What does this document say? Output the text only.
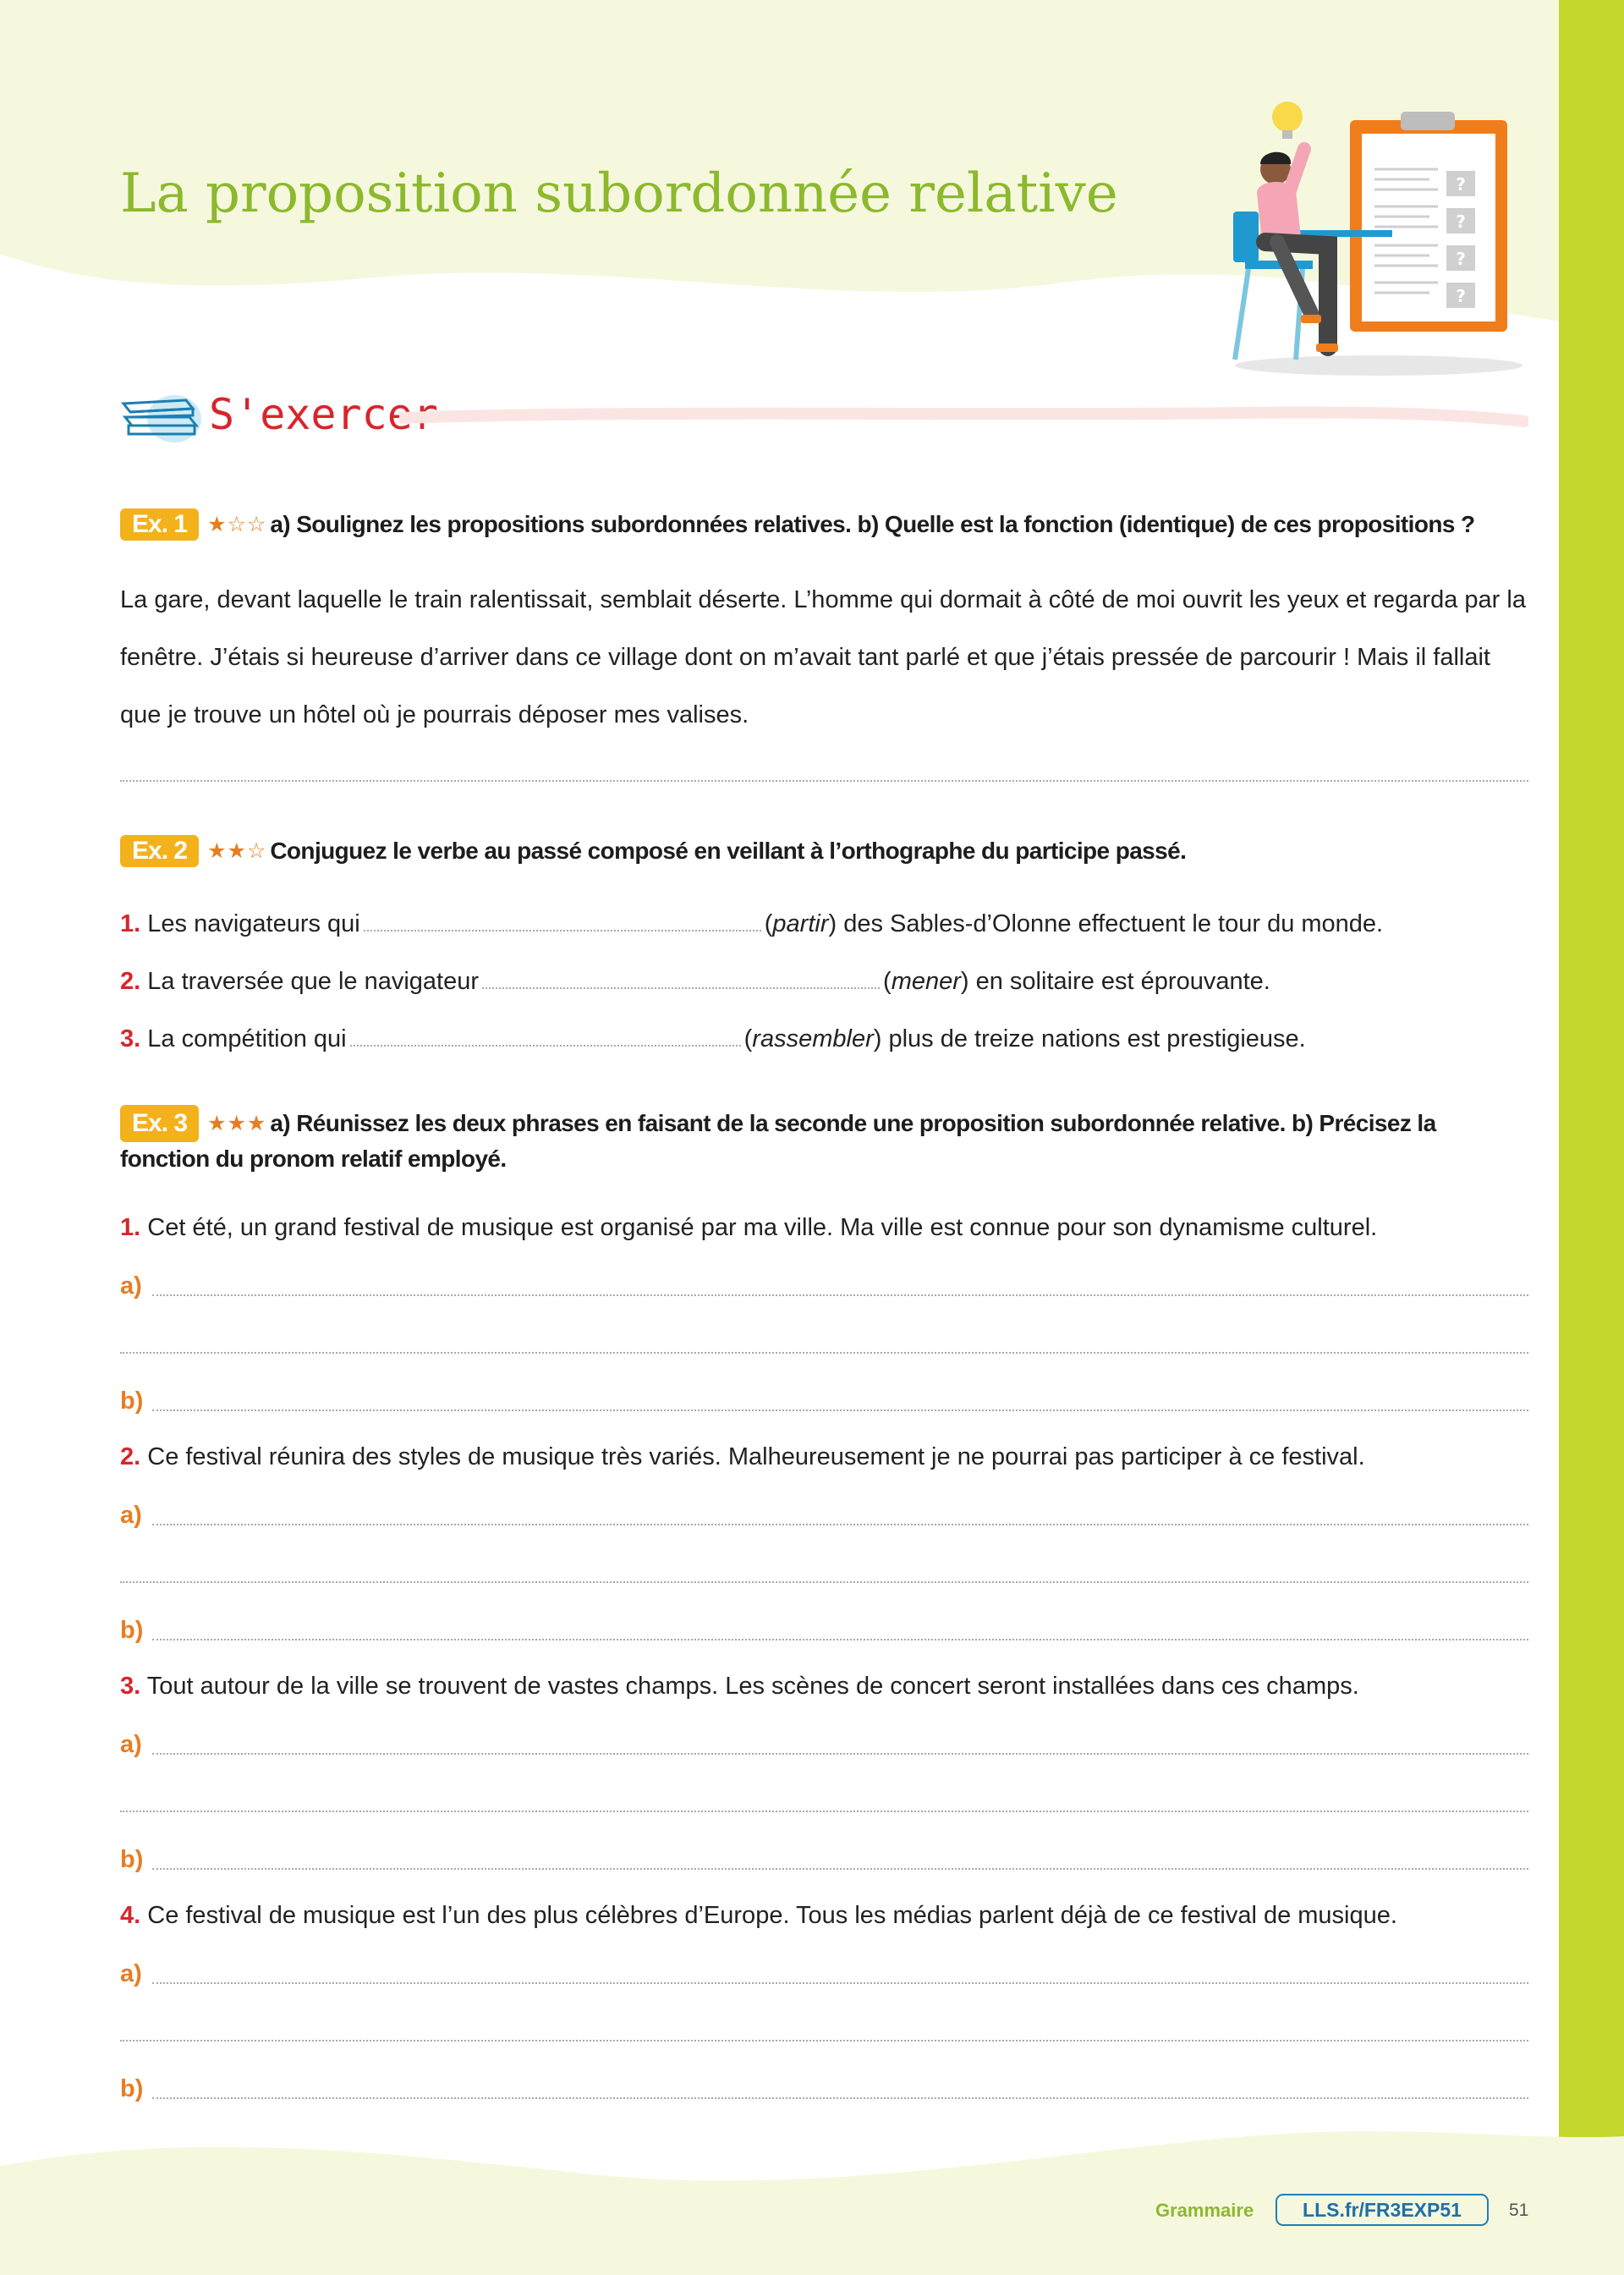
La proposition subordonnée relative	?
?
?
?
S'exercer
Ex. 1 ★☆☆ a) Soulignez les propositions subordonnées relatives. b) Quelle est la fonction (identique) de ces propositions ?
La gare, devant laquelle le train ralentissait, semblait déserte. L’homme qui dormait à côté de moi ouvrit les yeux et regarda par la fenêtre. J’étais si heureuse d’arriver dans ce village dont on m’avait tant parlé et que j’étais pressée de parcourir ! Mais il fallait que je trouve un hôtel où je pourrais déposer mes valises.
Ex. 2 ★★☆ Conjuguez le verbe au passé composé en veillant à l’orthographe du participe passé.
1. Les navigateurs qui	(partir) des Sables-d’Olonne effectuent le tour du monde.
2. La traversée que le navigateur	(mener) en solitaire est éprouvante.
3. La compétition qui	(rassembler) plus de treize nations est prestigieuse.
Ex. 3 ★★★ a) Réunissez les deux phrases en faisant de la seconde une proposition subordonnée relative. b) Précisez la fonction du pronom relatif employé.
1. Cet été, un grand festival de musique est organisé par ma ville. Ma ville est connue pour son dynamisme culturel.
a)
b)
2. Ce festival réunira des styles de musique très variés. Malheureusement je ne pourrai pas participer à ce festival.
a)
b)
3. Tout autour de la ville se trouvent de vastes champs. Les scènes de concert seront installées dans ces champs.
a)
b)
4. Ce festival de musique est l’un des plus célèbres d’Europe. Tous les médias parlent déjà de ce festival de musique.
a)
b)
Grammaire	LLS.fr/FR3EXP51	51
